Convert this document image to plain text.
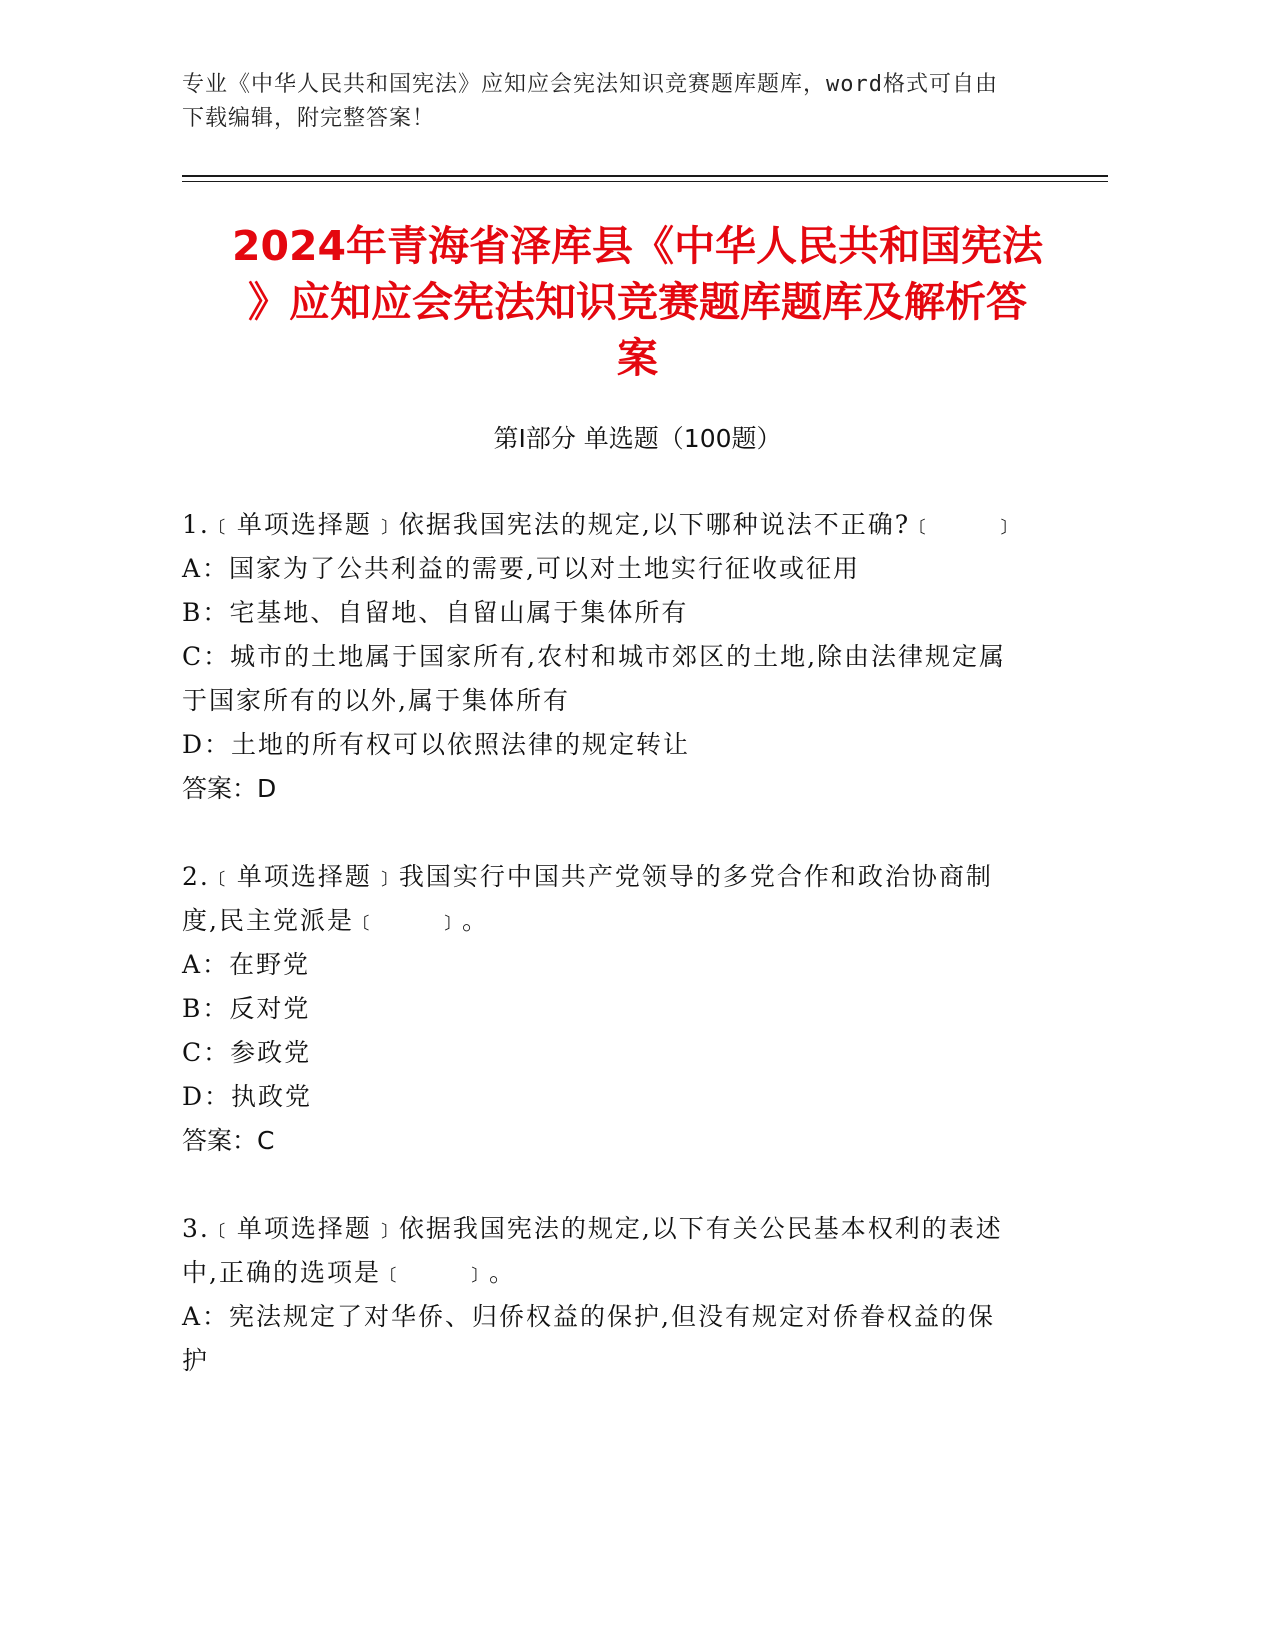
专业《中华人民共和国宪法》应知应会宪法知识竞赛题库题库，word格式可自由
下载编辑，附完整答案！
2024年青海省泽库县《中华人民共和国宪法
》应知应会宪法知识竞赛题库题库及解析答
案
第Ⅰ部分 单选题（100题）
1.﹝单项选择题﹞依据我国宪法的规定,以下哪种说法不正确?﹝　　﹞
A：国家为了公共利益的需要,可以对土地实行征收或征用
B：宅基地、自留地、自留山属于集体所有
C：城市的土地属于国家所有,农村和城市郊区的土地,除由法律规定属
于国家所有的以外,属于集体所有
D：土地的所有权可以依照法律的规定转让
答案：D
2.﹝单项选择题﹞我国实行中国共产党领导的多党合作和政治协商制
度,民主党派是﹝　　﹞。
A：在野党
B：反对党
C：参政党
D：执政党
答案：C
3.﹝单项选择题﹞依据我国宪法的规定,以下有关公民基本权利的表述
中,正确的选项是﹝　　﹞。
A：宪法规定了对华侨、归侨权益的保护,但没有规定对侨眷权益的保
护
